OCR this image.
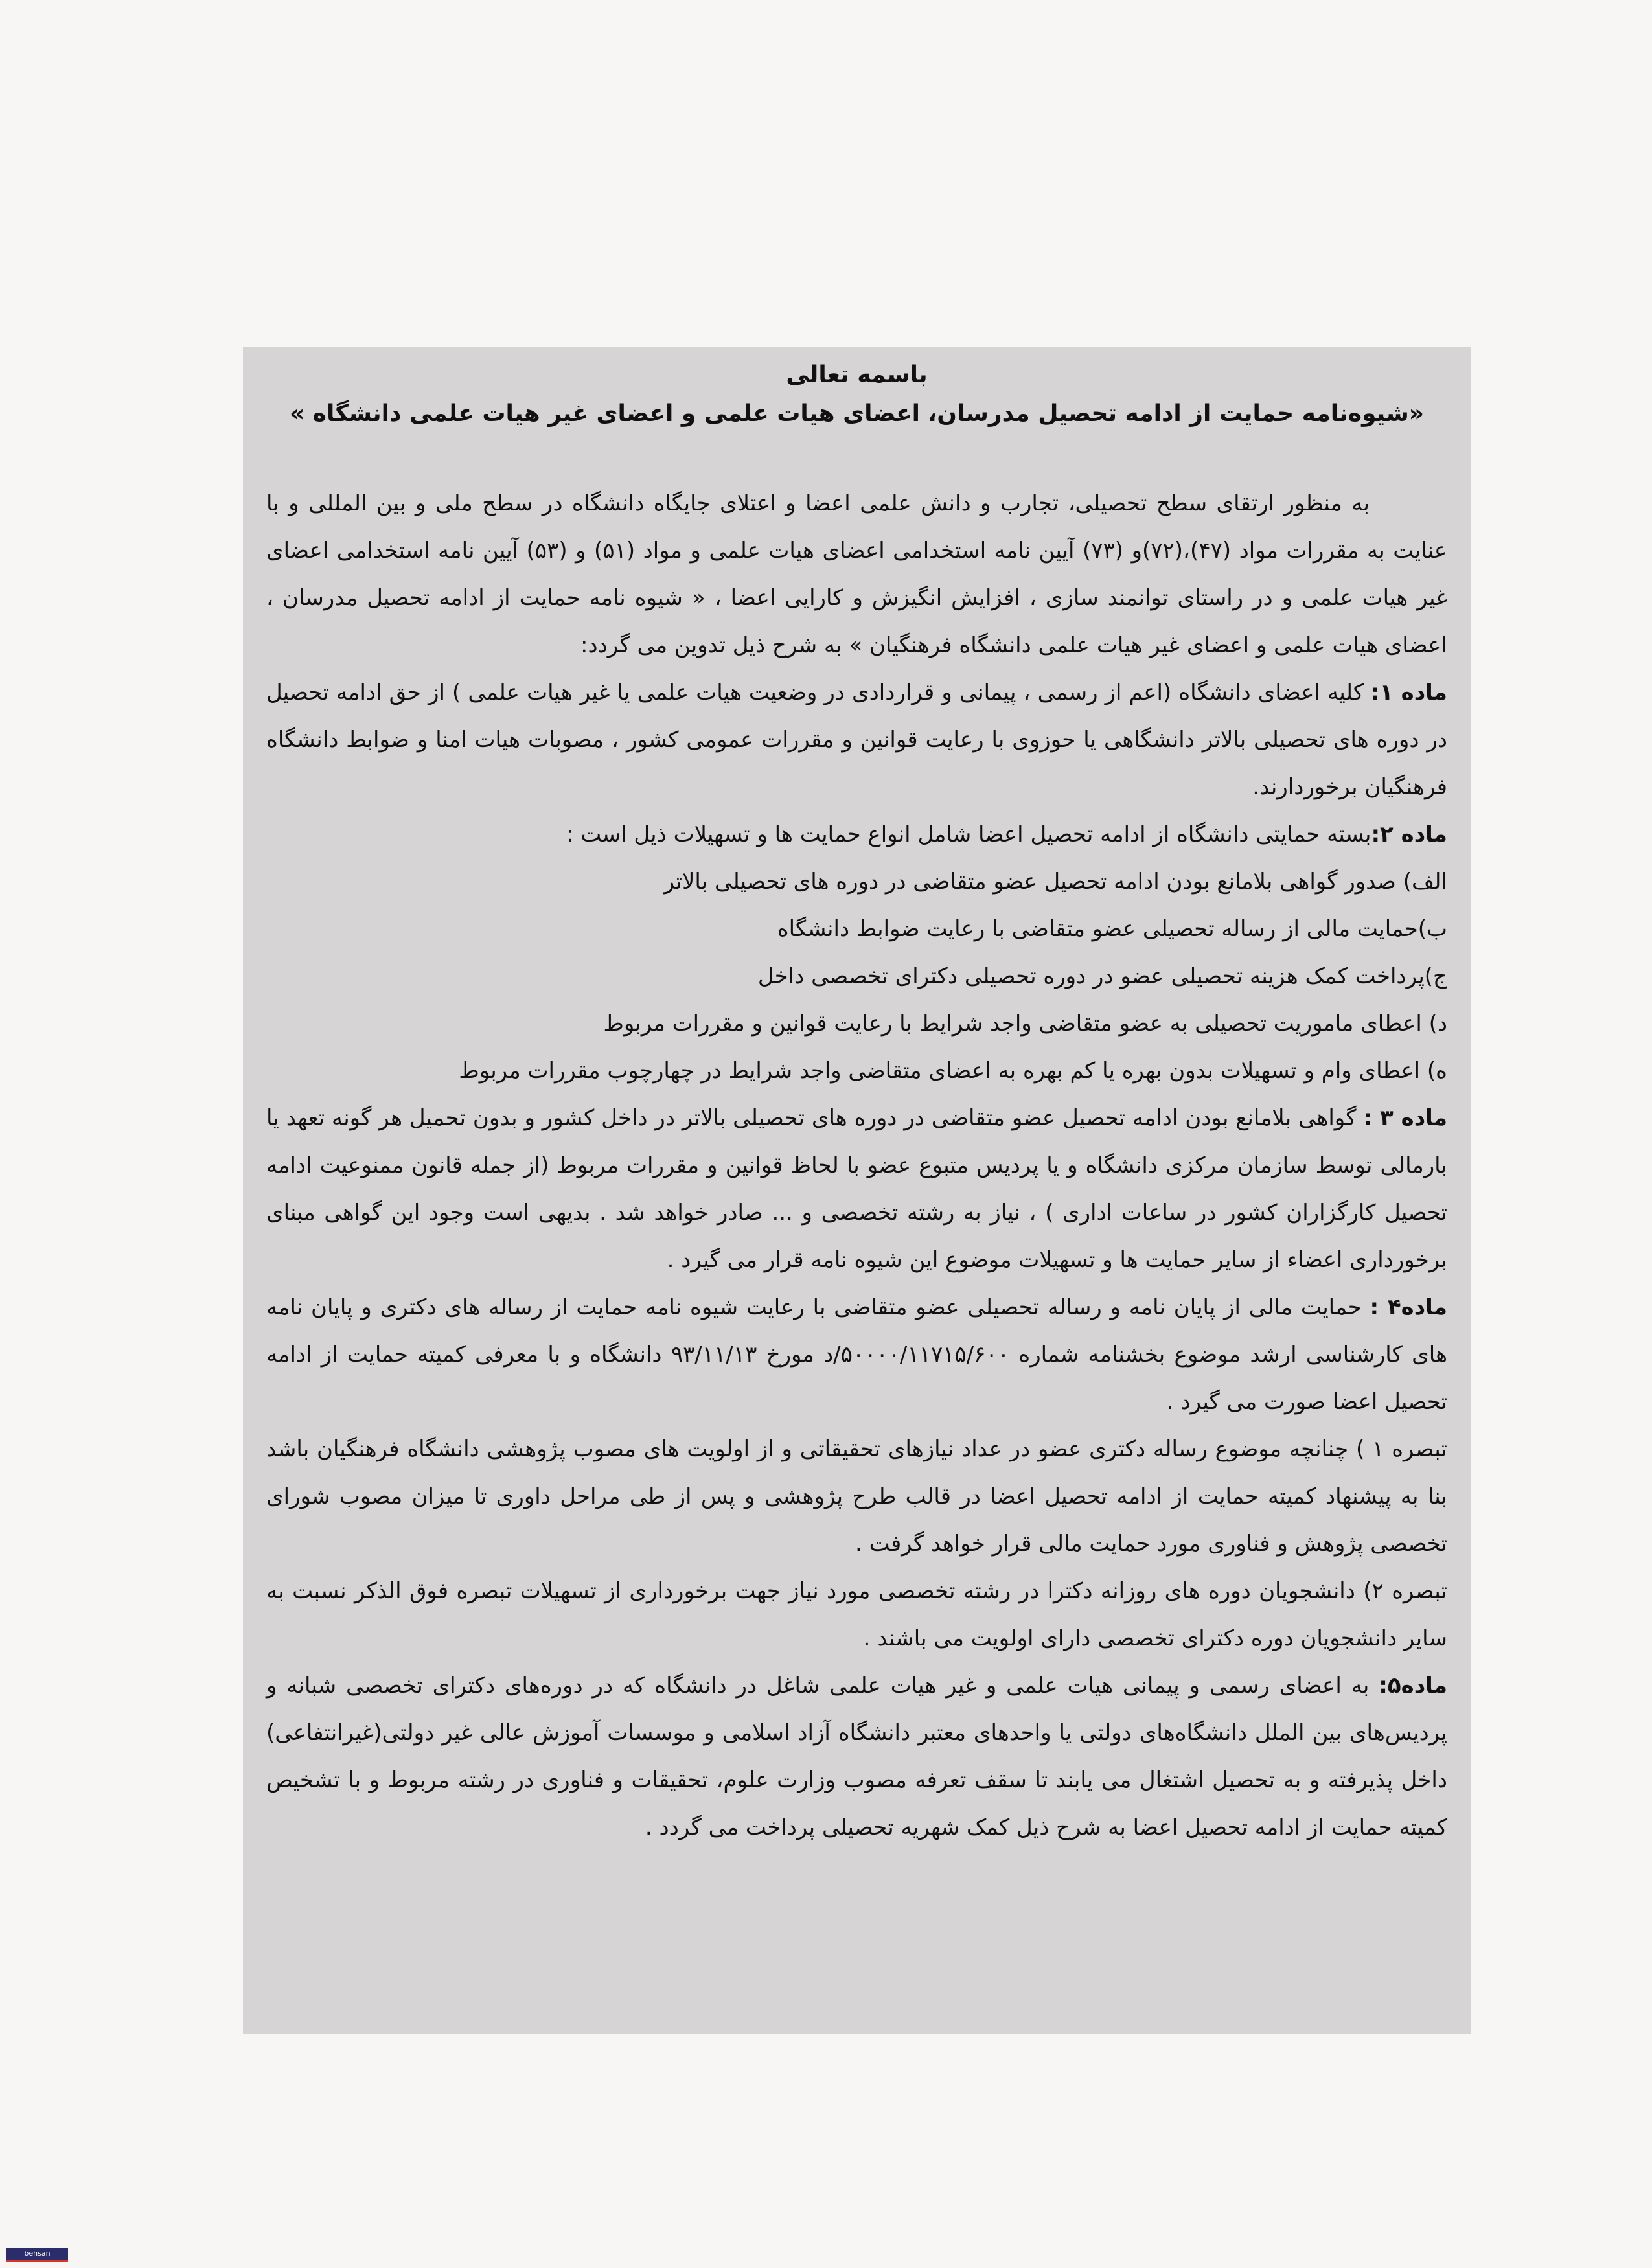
باسمه تعالی

«شیوه‌نامه حمایت از ادامه تحصیل مدرسان، اعضای هیات علمی و اعضای غیر هیات علمی دانشگاه »

به منظور ارتقای سطح تحصیلی، تجارب و دانش علمی اعضا و اعتلای جایگاه دانشگاه در سطح ملی و بین المللی و با عنایت به مقررات مواد (۴۷)،(۷۲)و (۷۳) آیین نامه استخدامی اعضای هیات علمی و مواد (۵۱) و (۵۳) آیین نامه استخدامی اعضای غیر هیات علمی و در راستای توانمند سازی ، افزایش انگیزش و کارایی اعضا ، « شیوه نامه حمایت از ادامه تحصیل مدرسان ، اعضای هیات علمی و اعضای غیر هیات علمی دانشگاه فرهنگیان » به شرح ذیل تدوین می گردد:

ماده ۱: کلیه اعضای دانشگاه (اعم از رسمی ، پیمانی و قراردادی در وضعیت هیات علمی یا غیر هیات علمی ) از حق ادامه تحصیل در دوره های تحصیلی بالاتر دانشگاهی یا حوزوی با رعایت قوانین و مقررات عمومی کشور ، مصوبات هیات امنا و ضوابط دانشگاه فرهنگیان برخوردارند.

ماده ۲:بسته حمایتی دانشگاه از ادامه تحصیل اعضا شامل انواع حمایت ها و تسهیلات ذیل است :

الف) صدور گواهی بلامانع بودن ادامه تحصیل عضو متقاضی در دوره های تحصیلی بالاتر

ب)حمایت مالی از رساله تحصیلی عضو متقاضی با رعایت ضوابط دانشگاه

ج)پرداخت کمک هزینه تحصیلی عضو در دوره تحصیلی دکترای تخصصی داخل

د) اعطای ماموریت تحصیلی به عضو متقاضی واجد شرایط با رعایت قوانین و مقررات مربوط

ه) اعطای وام و تسهیلات بدون بهره یا کم بهره به اعضای متقاضی واجد شرایط در چهارچوب مقررات مربوط

ماده ۳ : گواهی بلامانع بودن ادامه تحصیل عضو متقاضی در دوره های تحصیلی بالاتر در داخل کشور و بدون تحمیل هر گونه تعهد یا بارمالی توسط سازمان مرکزی دانشگاه و یا پردیس متبوع عضو با لحاظ قوانین و مقررات مربوط (از جمله قانون ممنوعیت ادامه تحصیل کارگزاران کشور در ساعات اداری ) ، نیاز به رشته تخصصی و ... صادر خواهد شد . بدیهی است وجود این گواهی مبنای برخورداری اعضاء از سایر حمایت ها و تسهیلات موضوع این شیوه نامه قرار می گیرد .

ماده۴ : حمایت مالی از پایان نامه و رساله تحصیلی عضو متقاضی با رعایت شیوه نامه حمایت از رساله های دکتری و پایان نامه های کارشناسی ارشد موضوع بخشنامه شماره ۵۰۰۰۰/۱۱۷۱۵/۶۰۰/د مورخ ۹۳/۱۱/۱۳ دانشگاه و با معرفی کمیته حمایت از ادامه تحصیل اعضا صورت می گیرد .

تبصره ۱ ) چنانچه موضوع رساله دکتری عضو در عداد نیازهای تحقیقاتی و از اولویت های مصوب پژوهشی دانشگاه فرهنگیان باشد بنا به پیشنهاد کمیته حمایت از ادامه تحصیل اعضا در قالب طرح پژوهشی و پس از طی مراحل داوری تا میزان مصوب شورای تخصصی پژوهش و فناوری مورد حمایت مالی قرار خواهد گرفت .

تبصره ۲) دانشجویان دوره های روزانه دکترا در رشته تخصصی مورد نیاز جهت برخورداری از تسهیلات تبصره فوق الذکر نسبت به سایر دانشجویان دوره دکترای تخصصی دارای اولویت می باشند .

ماده۵: به اعضای رسمی و پیمانی هیات علمی و غیر هیات علمی شاغل در دانشگاه که در دوره‌های دکترای تخصصی شبانه و پردیس‌های بین الملل دانشگاه‌های دولتی یا واحدهای معتبر دانشگاه آزاد اسلامی و موسسات آموزش عالی غیر دولتی(غیرانتفاعی) داخل پذیرفته و به تحصیل اشتغال می یابند تا سقف تعرفه مصوب وزارت علوم، تحقیقات و فناوری در رشته مربوط و با تشخیص کمیته حمایت از ادامه تحصیل اعضا به شرح ذیل کمک شهریه تحصیلی پرداخت می گردد .

behsan
